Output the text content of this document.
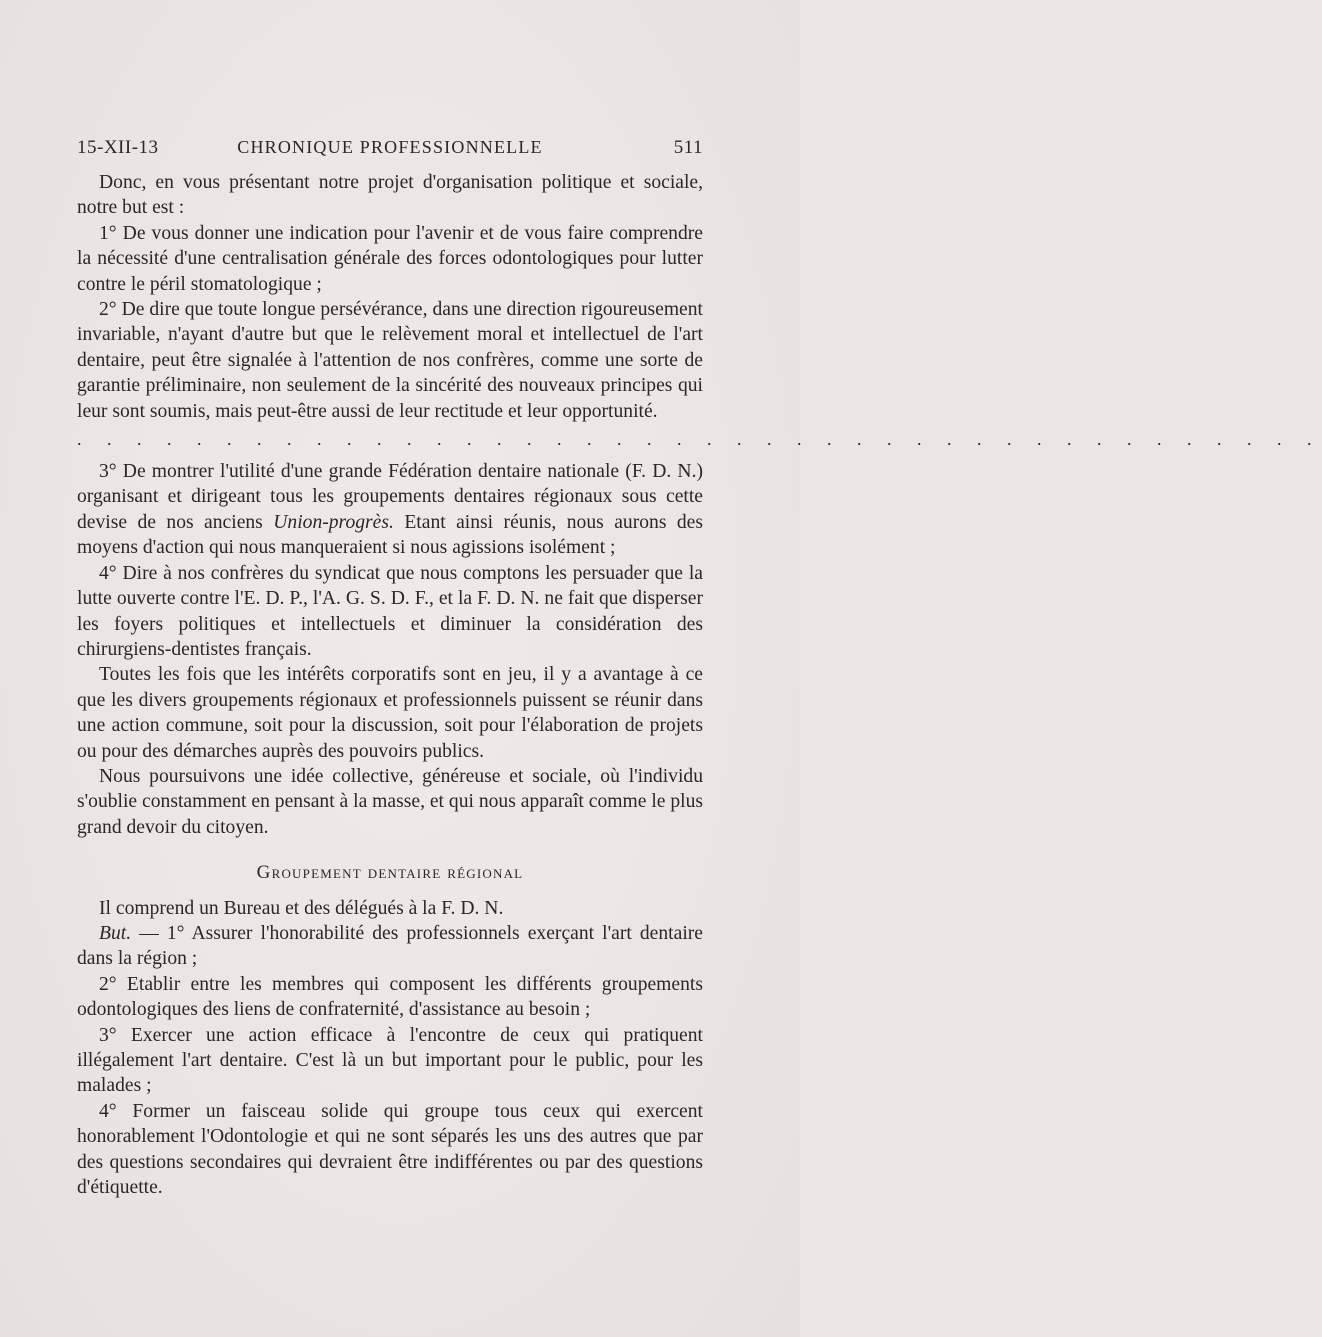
15-XII-13	CHRONIQUE PROFESSIONNELLE	511

Donc, en vous présentant notre projet d'organisation politique et sociale, notre but est :

1° De vous donner une indication pour l'avenir et de vous faire comprendre la nécessité d'une centralisation générale des forces odontologiques pour lutter contre le péril stomatologique ;

2° De dire que toute longue persévérance, dans une direction rigoureusement invariable, n'ayant d'autre but que le relèvement moral et intellectuel de l'art dentaire, peut être signalée à l'attention de nos confrères, comme une sorte de garantie préliminaire, non seulement de la sincérité des nouveaux principes qui leur sont soumis, mais peut-être aussi de leur rectitude et leur opportunité.

. . . . . . . . . . . . . . . . . . . . . . . . . . . . . . . . . . . . . . . . . .

3° De montrer l'utilité d'une grande Fédération dentaire nationale (F. D. N.) organisant et dirigeant tous les groupements dentaires régionaux sous cette devise de nos anciens Union-progrès. Etant ainsi réunis, nous aurons des moyens d'action qui nous manqueraient si nous agissions isolément ;

4° Dire à nos confrères du syndicat que nous comptons les persuader que la lutte ouverte contre l'E. D. P., l'A. G. S. D. F., et la F. D. N. ne fait que disperser les foyers politiques et intellectuels et diminuer la considération des chirurgiens-dentistes français.

Toutes les fois que les intérêts corporatifs sont en jeu, il y a avantage à ce que les divers groupements régionaux et professionnels puissent se réunir dans une action commune, soit pour la discussion, soit pour l'élaboration de projets ou pour des démarches auprès des pouvoirs publics.

Nous poursuivons une idée collective, généreuse et sociale, où l'individu s'oublie constamment en pensant à la masse, et qui nous apparaît comme le plus grand devoir du citoyen.

Groupement dentaire régional

Il comprend un Bureau et des délégués à la F. D. N.

But. — 1° Assurer l'honorabilité des professionnels exerçant l'art dentaire dans la région ;

2° Etablir entre les membres qui composent les différents groupements odontologiques des liens de confraternité, d'assistance au besoin ;

3° Exercer une action efficace à l'encontre de ceux qui pratiquent illégalement l'art dentaire. C'est là un but important pour le public, pour les malades ;

4° Former un faisceau solide qui groupe tous ceux qui exercent honorablement l'Odontologie et qui ne sont séparés les uns des autres que par des questions secondaires qui devraient être indifférentes ou par des questions d'étiquette.
